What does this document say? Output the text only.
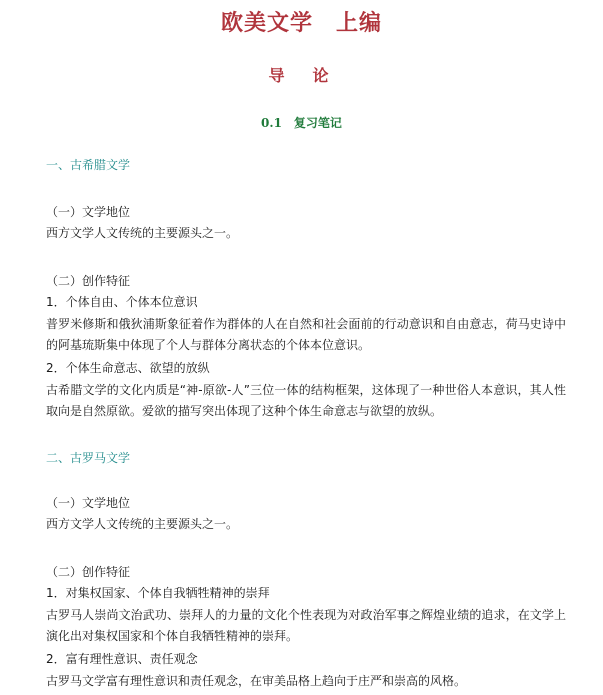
欧美文学　上编
导　论
0.1　复习笔记
一、古希腊文学
（一）文学地位
西方文学人文传统的主要源头之一。
（二）创作特征
1．个体自由、个体本位意识
普罗米修斯和俄狄浦斯象征着作为群体的人在自然和社会面前的行动意识和自由意志，荷马史诗中的阿基琉斯集中体现了个人与群体分离状态的个体本位意识。
2．个体生命意志、欲望的放纵
古希腊文学的文化内质是“神-原欲-人”三位一体的结构框架，这体现了一种世俗人本意识，其人性取向是自然原欲。爱欲的描写突出体现了这种个体生命意志与欲望的放纵。
二、古罗马文学
（一）文学地位
西方文学人文传统的主要源头之一。
（二）创作特征
1．对集权国家、个体自我牺牲精神的崇拜
古罗马人崇尚文治武功、崇拜人的力量的文化个性表现为对政治军事之辉煌业绩的追求，在文学上演化出对集权国家和个体自我牺牲精神的崇拜。
2．富有理性意识、责任观念
古罗马文学富有理性意识和责任观念，在审美品格上趋向于庄严和崇高的风格。
